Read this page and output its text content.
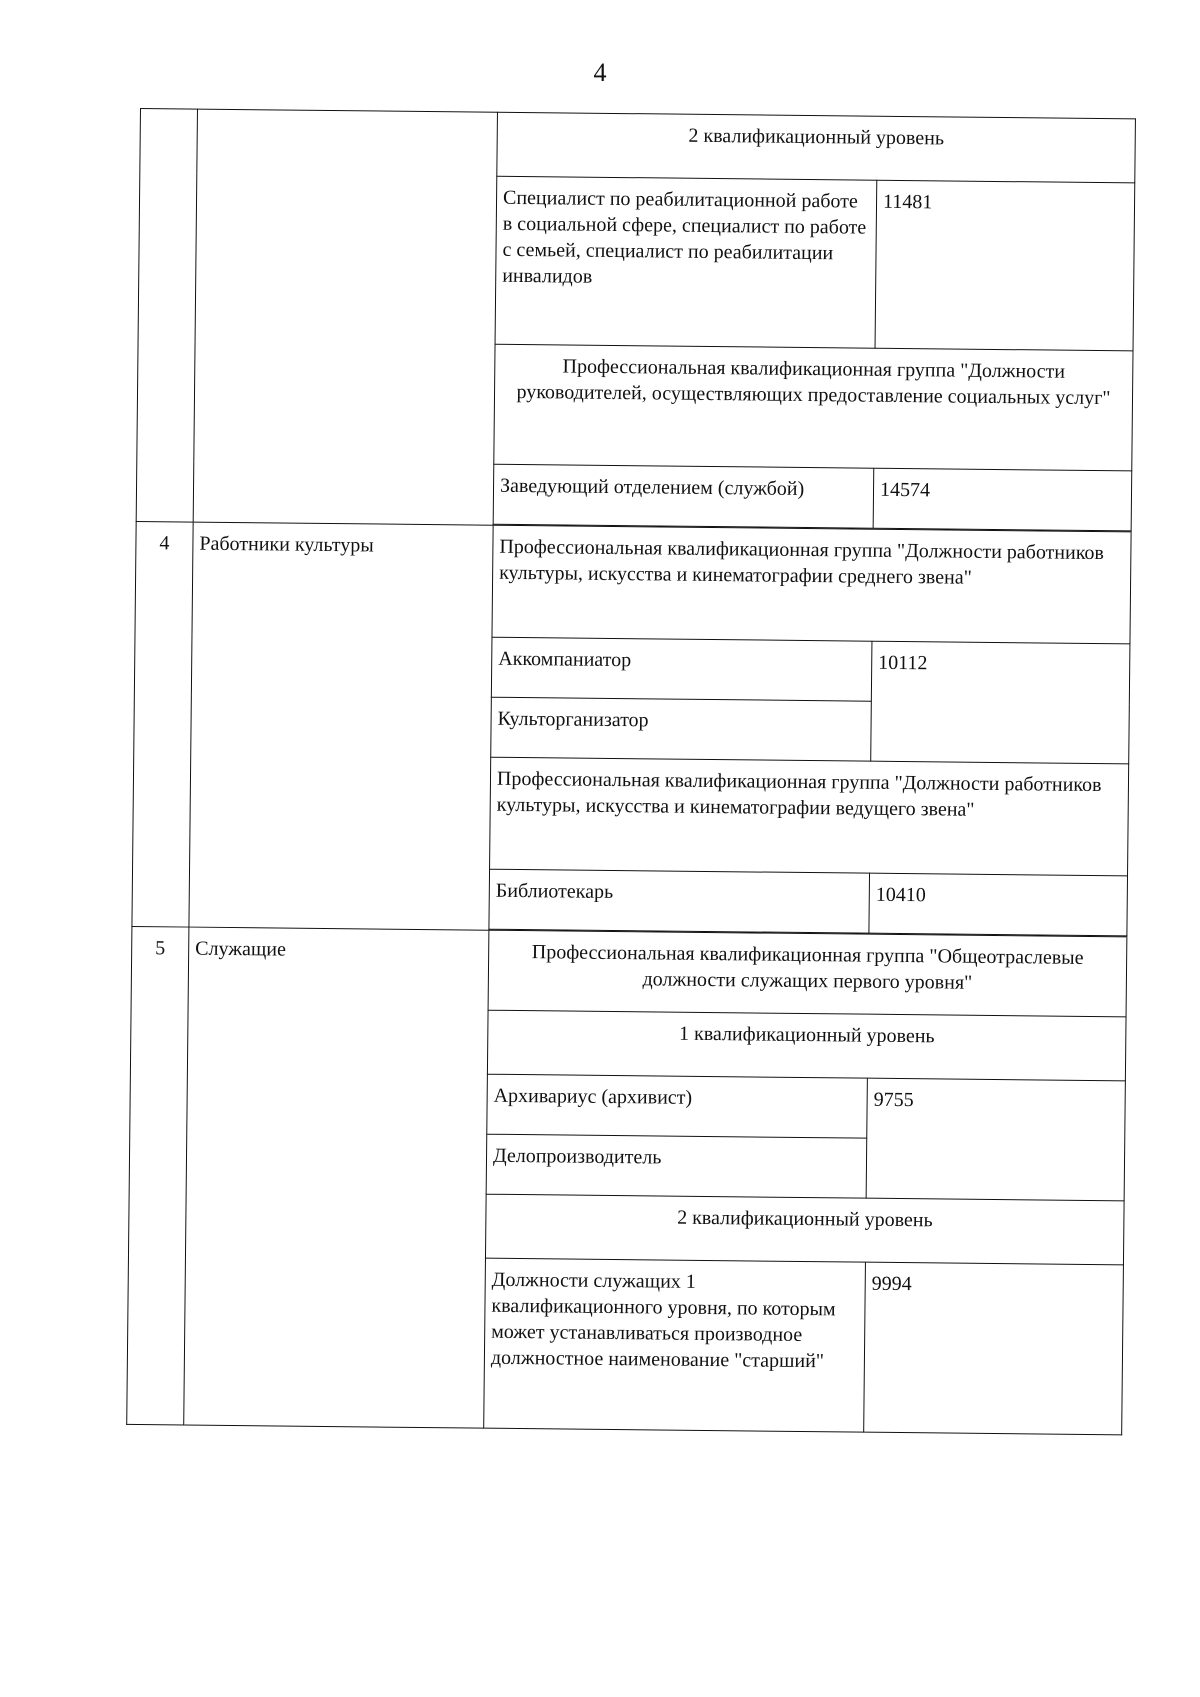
4
		2 квалификационный уровень	
		Специалист по реабилитационной работе в социальной сфере, специалист по работе с семьей, специалист по реабилитации инвалидов	11481
		Профессиональная квалификационная группа "Должности руководителей, осуществляющих предоставление социальных услуг"	
		Заведующий отделением (службой)	14574

4	Работники культуры	Профессиональная квалификационная группа "Должности работников культуры, искусства и кинематографии среднего звена"	
		Аккомпаниатор	10112
		Культорганизатор	
		Профессиональная квалификационная группа "Должности работников культуры, искусства и кинематографии ведущего звена"	
		Библиотекарь	10410

5	Служащие	Профессиональная квалификационная группа "Общеотраслевые должности служащих первого уровня"	
		1 квалификационный уровень	
		Архивариус (архивист)	9755
		Делопроизводитель	
		2 квалификационный уровень	
		Должности служащих 1 квалификационного уровня, по которым может устанавливаться производное должностное наименование "старший"	9994
